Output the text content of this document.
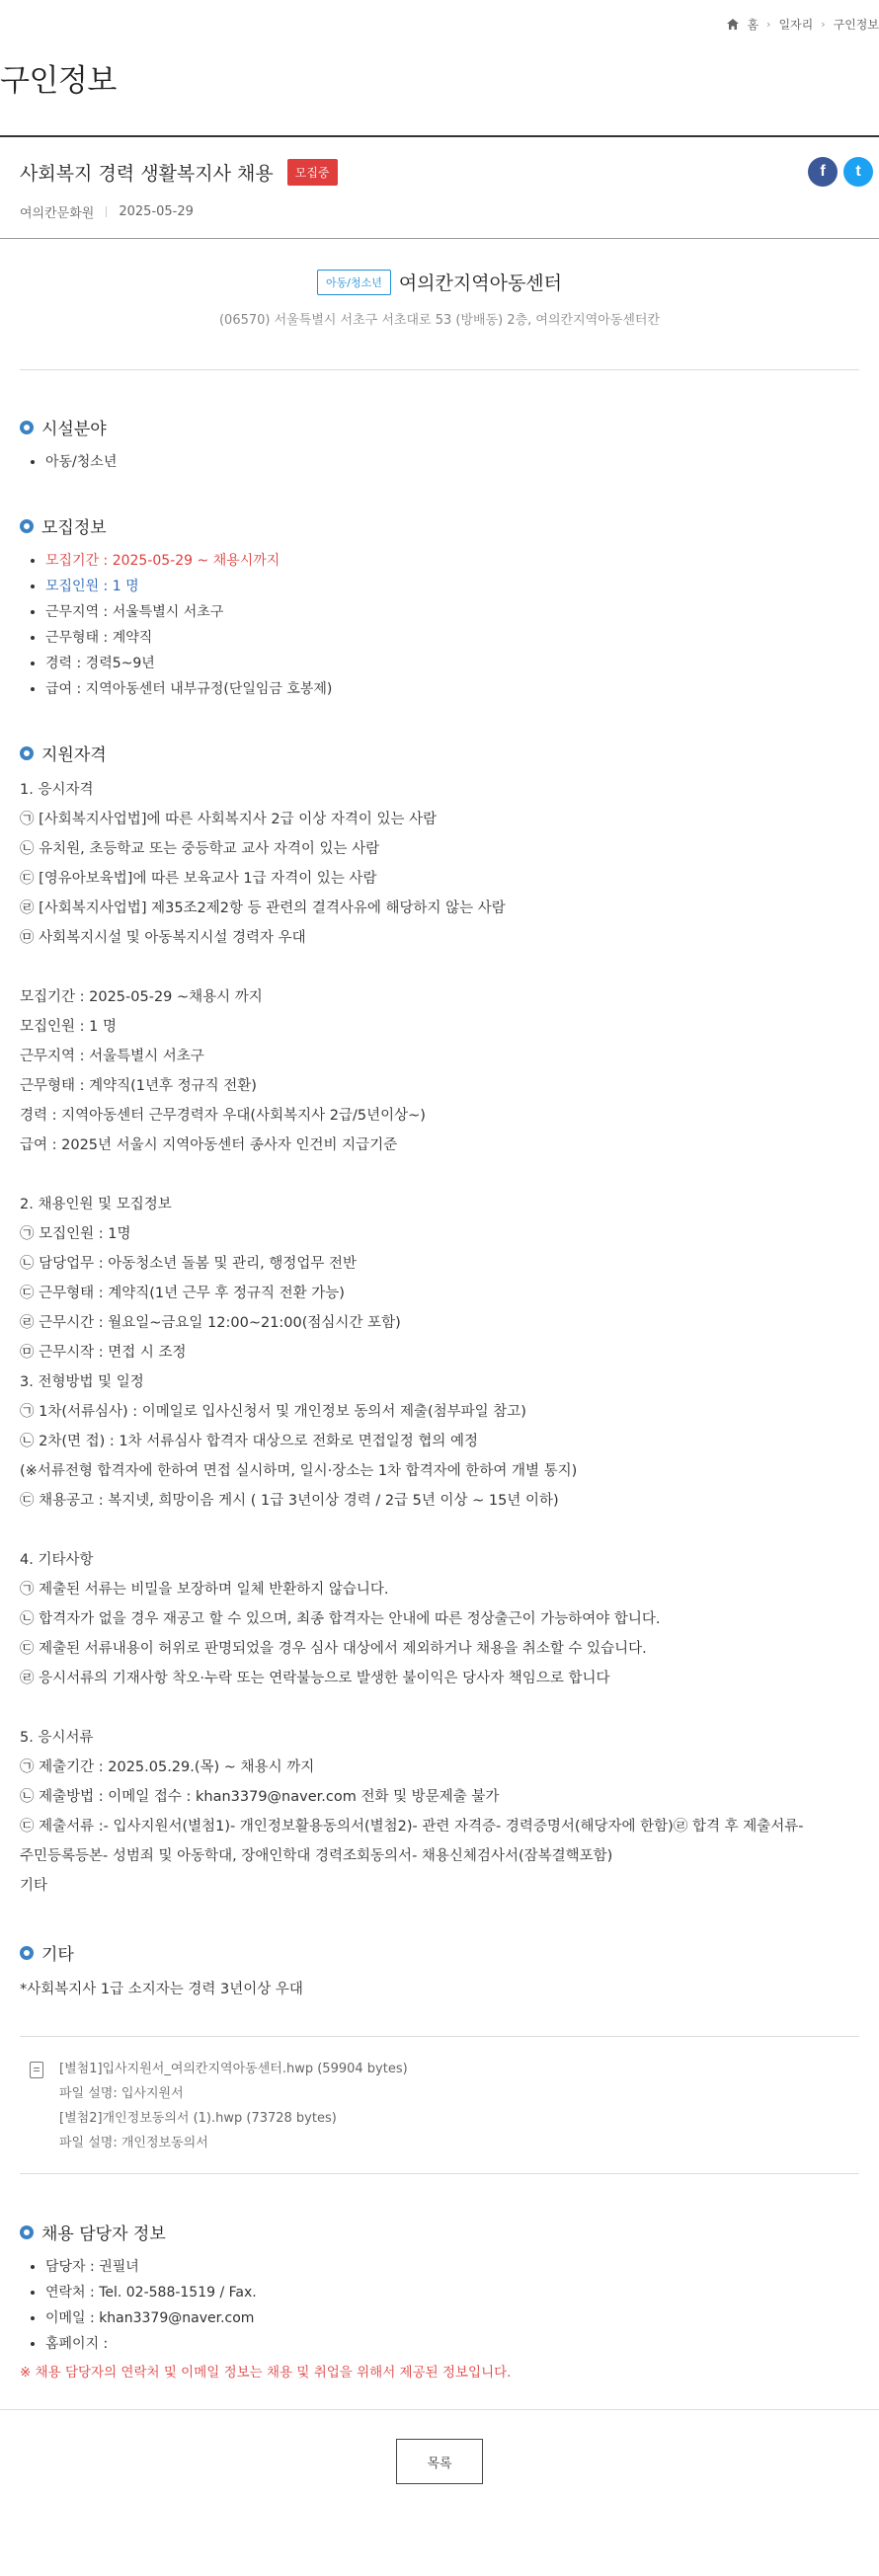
홈 › 일자리 › 구인정보
구인정보
사회복지 경력 생활복지사 채용	모집중
여의칸문화원 2025-05-29
f	t
아동/청소년 여의칸지역아동센터
(06570) 서울특별시 서초구 서초대로 53 (방배동) 2층, 여의칸지역아동센터칸
시설분야
아동/청소년
모집정보
모집기간 : 2025-05-29 ~ 채용시까지
모집인원 : 1 명
근무지역 : 서울특별시 서초구
근무형태 : 계약직
경력 : 경력5~9년
급여 : 지역아동센터 내부규정(단일임금 호봉제)
지원자격
1. 응시자격
㉠ [사회복지사업법]에 따른 사회복지사 2급 이상 자격이 있는 사람
㉡ 유치원, 초등학교 또는 중등학교 교사 자격이 있는 사람
㉢ [영유아보육법]에 따른 보육교사 1급 자격이 있는 사람
㉣ [사회복지사업법] 제35조2제2항 등 관련의 결격사유에 해당하지 않는 사람
㉤ 사회복지시설 및 아동복지시설 경력자 우대
모집기간 : 2025-05-29 ~채용시 까지
모집인원 : 1 명
근무지역 : 서울특별시 서초구
근무형태 : 계약직(1년후 정규직 전환)
경력 : 지역아동센터 근무경력자 우대(사회복지사 2급/5년이상~)
급여 : 2025년 서울시 지역아동센터 종사자 인건비 지급기준
2. 채용인원 및 모집정보
㉠ 모집인원 : 1명
㉡ 담당업무 : 아동청소년 돌봄 및 관리, 행정업무 전반
㉢ 근무형태 : 계약직(1년 근무 후 정규직 전환 가능)
㉣ 근무시간 : 월요일~금요일 12:00~21:00(점심시간 포함)
㉤ 근무시작 : 면접 시 조정
3. 전형방법 및 일정
㉠ 1차(서류심사) : 이메일로 입사신청서 및 개인정보 동의서 제출(첨부파일 참고)
㉡ 2차(면 접) : 1차 서류심사 합격자 대상으로 전화로 면접일정 협의 예정
(※서류전형 합격자에 한하여 면접 실시하며, 일시·장소는 1차 합격자에 한하여 개별 통지)
㉢ 채용공고 : 복지넷, 희망이음 게시 ( 1급 3년이상 경력 / 2급 5년 이상 ~ 15년 이하)
4. 기타사항
㉠ 제출된 서류는 비밀을 보장하며 일체 반환하지 않습니다.
㉡ 합격자가 없을 경우 재공고 할 수 있으며, 최종 합격자는 안내에 따른 정상출근이 가능하여야 합니다.
㉢ 제출된 서류내용이 허위로 판명되었을 경우 심사 대상에서 제외하거나 채용을 취소할 수 있습니다.
㉣ 응시서류의 기재사항 착오·누락 또는 연락불능으로 발생한 불이익은 당사자 책임으로 합니다
5. 응시서류
㉠ 제출기간 : 2025.05.29.(목) ~ 채용시 까지
㉡ 제출방법 : 이메일 접수 : khan3379@naver.com 전화 및 방문제출 불가
㉢ 제출서류 :- 입사지원서(별첨1)- 개인정보활용동의서(별첨2)- 관련 자격증- 경력증명서(해당자에 한함)㉣ 합격 후 제출서류-
주민등록등본- 성범죄 및 아동학대, 장애인학대 경력조회동의서- 채용신체검사서(잠복결핵포함)
기타
기타
*사회복지사 1급 소지자는 경력 3년이상 우대
[별첨1]입사지원서_여의칸지역아동센터.hwp (59904 bytes)
파일 설명: 입사지원서
[별첨2]개인정보동의서 (1).hwp (73728 bytes)
파일 설명: 개인정보동의서
채용 담당자 정보
담당자 : 권필녀
연락처 : Tel. 02-588-1519 / Fax.
이메일 : khan3379@naver.com
홈페이지 :
※ 채용 담당자의 연락처 및 이메일 정보는 채용 및 취업을 위해서 제공된 정보입니다.
목록
